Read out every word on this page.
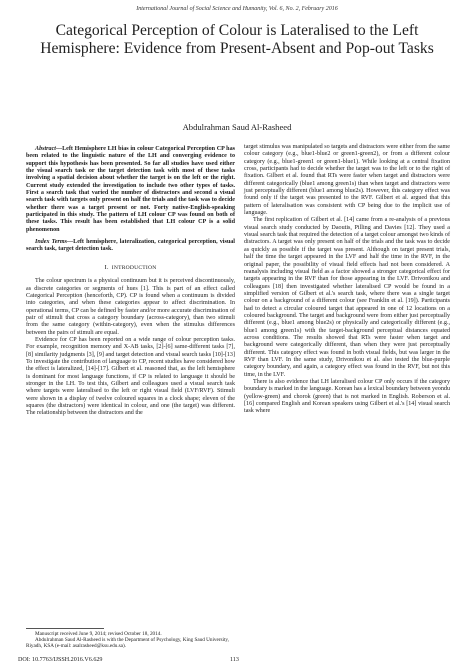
International Journal of Social Science and Humanity, Vol. 6, No. 2, February 2016
Categorical Perception of Colour is Lateralised to the Left Hemisphere: Evidence from Present-Absent and Pop-out Tasks
Abdulrahman Saud Al-Rasheed

Abstract—Left Hemisphere LH bias in colour Categorical Perception CP has been related to the linguistic nature of the LH and converging evidence to support this hypothesis has been presented. So far all studies have used either the visual search task or the target detection task with most of these tasks involving a spatial decision about whether the target is on the left or the right. Current study extended the investigation to include two other types of tasks. First a search task that varied the number of distractors and second a visual search task with targets only present on half the trials and the task was to decide whether there was a target present or not. Forty native-English-speaking participated in this study. The pattern of LH colour CP was found on both of these tasks. This result has been established that LH colour CP is a solid phenomenon

Index Terms—Left hemisphere, lateralization, categorical perception, visual search task, target detection task.

I. INTRODUCTION

The colour spectrum is a physical continuum but it is perceived discontinuously, as discrete categories or segments of hues [1]. This is part of an effect called Categorical Perception (henceforth, CP). CP is found when a continuum is divided into categories, and when these categories appear to affect discrimination. In operational terms, CP can be defined by faster and/or more accurate discrimination of pair of stimuli that cross a category boundary (across-category), than two stimuli from the same category (within-category), even when the stimulus differences between the pairs of stimuli are equal.

Evidence for CP has been reported on a wide range of colour perception tasks. For example, recognition memory and X-AB tasks, [2]-[6] same-different tasks [7], [8] similarity judgments [3], [9] and target detection and visual search tasks [10]-[13] To investigate the contribution of language to CP, recent studies have considered how the effect is lateralized, [14]-[17]. Gilbert et al. reasoned that, as the left hemisphere is dominant for most language functions, if CP is related to language it should be stronger in the LH. To test this, Gilbert and colleagues used a visual search task where targets were lateralised to the left or right visual field (LVF/RVF). Stimuli were shown in a display of twelve coloured squares in a clock shape; eleven of the squares (the distractors) were identical in colour, and one (the target) was different. The relationship between the distractors and the

target stimulus was manipulated so targets and distractors were either from the same colour category (e.g., blue1-blue2 or green1-green2), or from a different colour category (e.g., blue1-green1 or green1-blue1). While looking at a central fixation cross, participants had to decide whether the target was to the left or to the right of fixation. Gilbert et al. found that RTs were faster when target and distractors were different categorically (blue1 among green1s) than when target and distractors were just perceptually different (blue1 among blue2s). However, this category effect was found only if the target was presented to the RVF. Gilbert et al. argued that this pattern of lateralisation was consistent with CP being due to the implicit use of language.

The first replication of Gilbert et al. [14] came from a re-analysis of a previous visual search study conducted by Daoutis, Pilling and Davies [12]. They used a visual search task that required the detection of a target colour amongst two kinds of distractors. A target was only present on half of the trials and the task was to decide as quickly as possible if the target was present. Although on target present trials, half the time the target appeared in the LVF and half the time in the RVF, in the original paper, the possibility of visual field effects had not been considered. A reanalysis including visual field as a factor showed a stronger categorical effect for targets appearing in the RVF than for those appearing in the LVF. Drivonikou and colleagues [18] then investigated whether lateralised CP would be found in a simplified version of Gilbert et al.'s search task, where there was a single target colour on a background of a different colour (see Franklin et al. [19]). Participants had to detect a circular coloured target that appeared in one of 12 locations on a coloured background. The target and background were from either just perceptually different (e.g., blue1 among blue2s) or physically and categorically different (e.g., blue1 among green1s) with the target-background perceptual distances equated across conditions. The results showed that RTs were faster when target and background were categorically different, than when they were just perceptually different. This category effect was found in both visual fields, but was larger in the RVF than LVF. In the same study, Drivonikou et al. also tested the blue-purple category boundary, and again, a category effect was found in the RVF, but not this time, in the LVF.

There is also evidence that LH lateralised colour CP only occurs if the category boundary is marked in the language. Korean has a lexical boundary between yeondu (yellow-green) and chorok (green) that is not marked in English. Roberson et al. [16] compared English and Korean speakers using Gilbert et al.'s [14] visual search task where

Manuscript received June 9, 2014; revised October 18, 2014.

Abdulrahman Saud Al-Rasheed is with the Department of Psychology, King Saud University, Riyadh, KSA (e-mail: asalrasheed@ksu.edu.sa).

DOI: 10.7763/IJSSH.2016.V6.629	113
